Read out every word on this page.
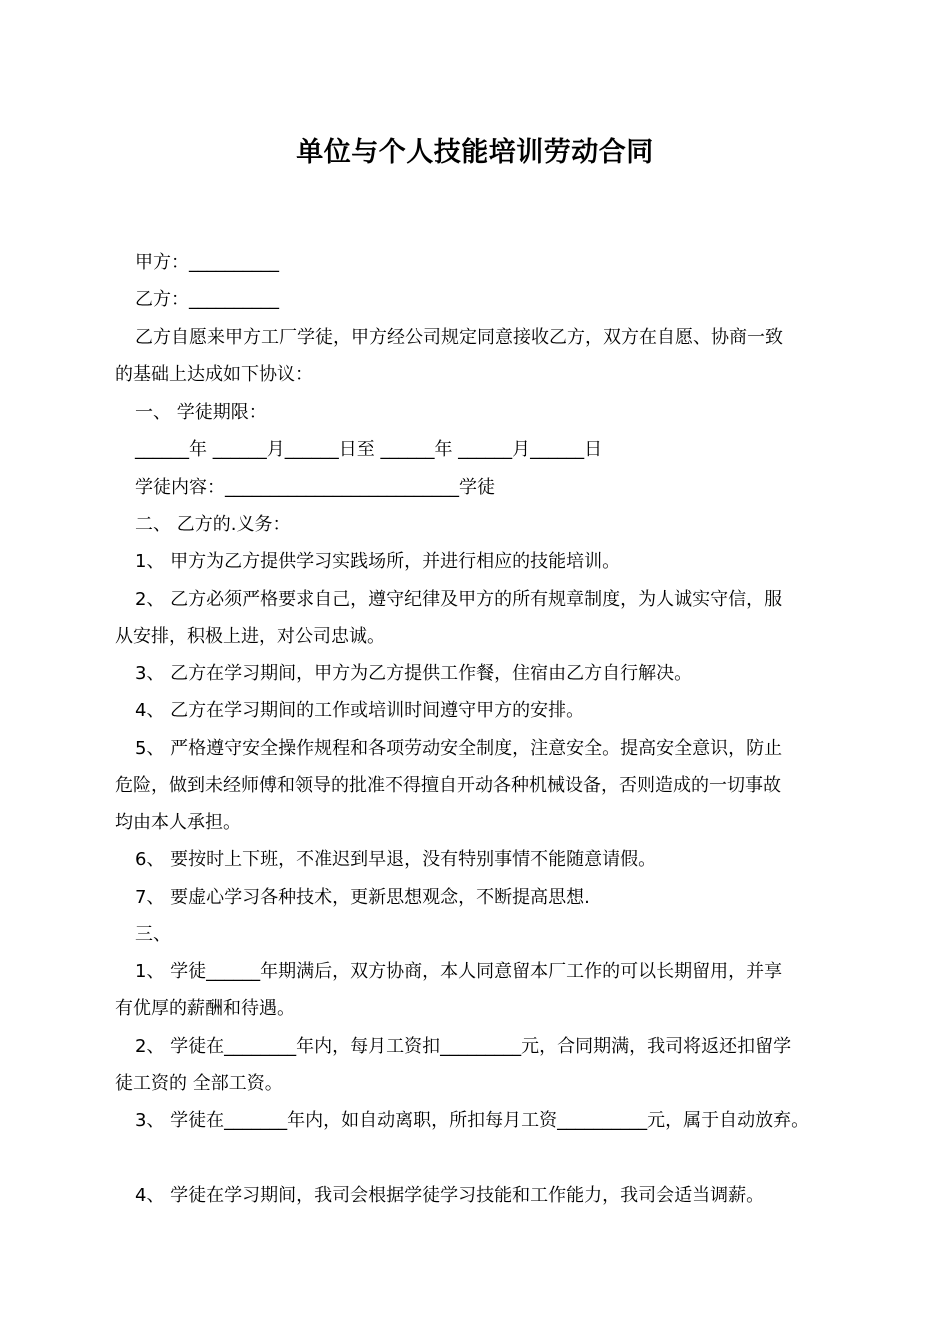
单位与个人技能培训劳动合同
甲方：__________
乙方：__________
乙方自愿来甲方工厂学徒，甲方经公司规定同意接收乙方，双方在自愿、协商一致
的基础上达成如下协议：
一、 学徒期限：
______年 ______月______日至 ______年 ______月______日
学徒内容：__________________________学徒
二、 乙方的.义务：
1、 甲方为乙方提供学习实践场所，并进行相应的技能培训。
2、 乙方必须严格要求自己，遵守纪律及甲方的所有规章制度，为人诚实守信，服
从安排，积极上进，对公司忠诚。
3、 乙方在学习期间，甲方为乙方提供工作餐，住宿由乙方自行解决。
4、 乙方在学习期间的工作或培训时间遵守甲方的安排。
5、 严格遵守安全操作规程和各项劳动安全制度，注意安全。提高安全意识，防止
危险，做到未经师傅和领导的批准不得擅自开动各种机械设备，否则造成的一切事故
均由本人承担。
6、 要按时上下班，不准迟到早退，没有特别事情不能随意请假。
7、 要虚心学习各种技术，更新思想观念，不断提高思想.
三、
1、 学徒______年期满后，双方协商，本人同意留本厂工作的可以长期留用，并享
有优厚的薪酬和待遇。
2、 学徒在________年内，每月工资扣_________元，合同期满，我司将返还扣留学
徒工资的 全部工资。
3、 学徒在_______年内，如自动离职，所扣每月工资__________元，属于自动放弃。
4、 学徒在学习期间，我司会根据学徒学习技能和工作能力，我司会适当调薪。
